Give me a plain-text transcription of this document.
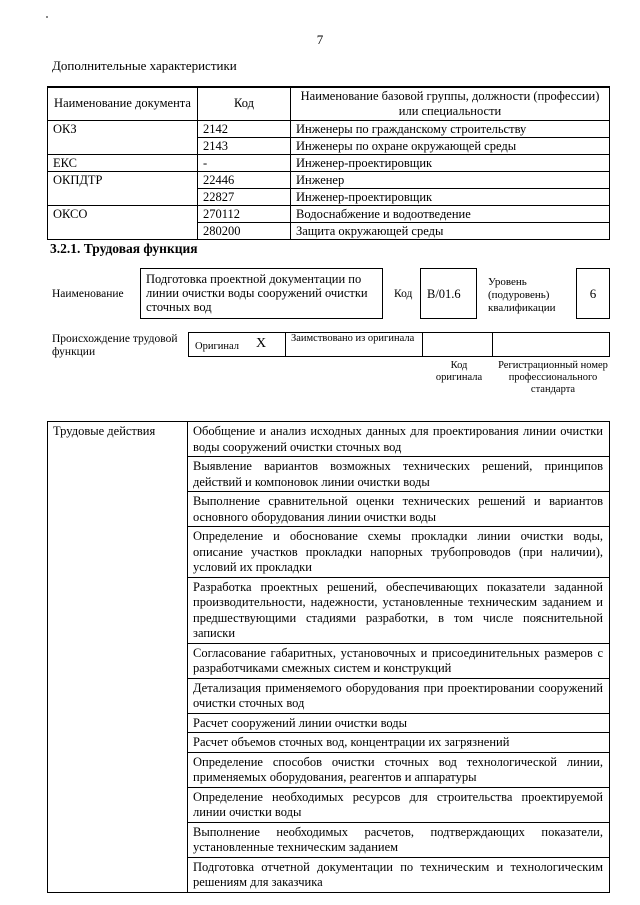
7
Дополнительные характеристики
Наименование документа	Код	Наименование базовой группы, должности (профессии) или специальности
ОКЗ	2142	Инженеры по гражданскому строительству
	2143	Инженеры по охране окружающей среды
ЕКС	-	Инженер-проектировщик
ОКПДТР	22446	Инженер
	22827	Инженер-проектировщик
ОКСО	270112	Водоснабжение и водоотведение
	280200	Защита окружающей среды
3.2.1. Трудовая функция
Наименование
Подготовка проектной документации по линии очистки воды сооружений очистки сточных вод
Код	B/01.6
Уровень (подуровень) квалификации
6
Происхождение трудовой функции	Оригинал	X	Заимствовано из оригинала
Код оригинала
Регистрационный номер профессионального стандарта
Трудовые действия	Обобщение и анализ исходных данных для проектирования линии очистки воды сооружений очистки сточных вод
Выявление вариантов возможных технических решений, принципов действий и компоновок линии очистки воды
Выполнение сравнительной оценки технических решений и вариантов основного оборудования линии очистки воды
Определение и обоснование схемы прокладки линии очистки воды, описание участков прокладки напорных трубопроводов (при наличии), условий их прокладки
Разработка проектных решений, обеспечивающих показатели заданной производительности, надежности, установленные техническим заданием и предшествующими стадиями разработки, в том числе пояснительной записки
Согласование габаритных, установочных и присоединительных размеров с разработчиками смежных систем и конструкций
Детализация применяемого оборудования при проектировании сооружений очистки сточных вод
Расчет сооружений линии очистки воды
Расчет объемов сточных вод, концентрации их загрязнений
Определение способов очистки сточных вод технологической линии, применяемых оборудования, реагентов и аппаратуры
Определение необходимых ресурсов для строительства проектируемой линии очистки воды
Выполнение необходимых расчетов, подтверждающих показатели, установленные техническим заданием
Подготовка отчетной документации по техническим и технологическим решениям для заказчика
